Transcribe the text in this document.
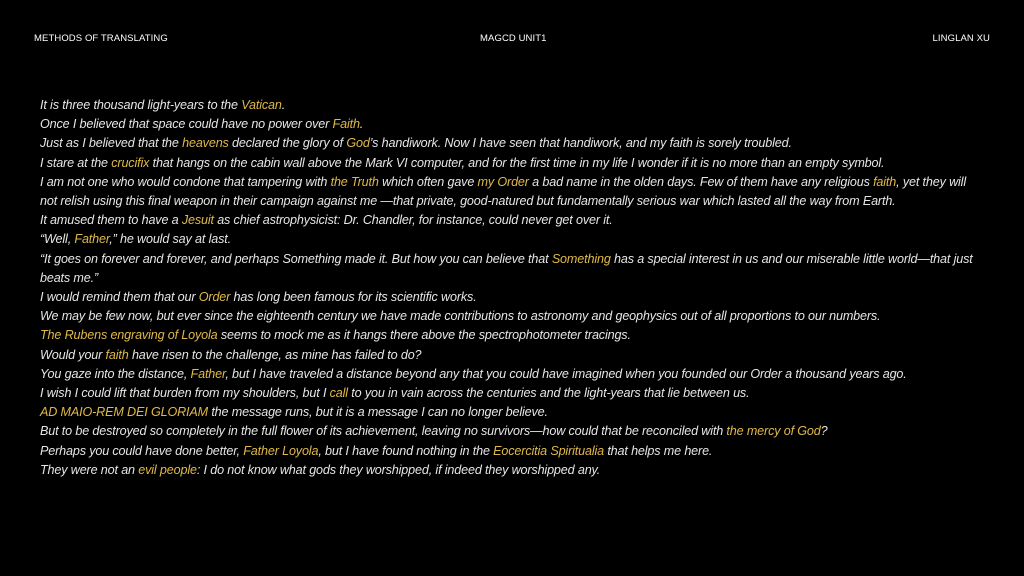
METHODS OF TRANSLATING	MAGCD UNIT1	LINGLAN XU
It is three thousand light-years to the Vatican.
Once I believed that space could have no power over Faith.
Just as I believed that the heavens declared the glory of God’s handiwork. Now I have seen that handiwork, and my faith is sorely troubled.
I stare at the crucifix that hangs on the cabin wall above the Mark VI computer, and for the first time in my life I wonder if it is no more than an empty symbol.
I am not one who would condone that tampering with the Truth which often gave my Order a bad name in the olden days. Few of them have any religious faith, yet they will not relish using this final weapon in their campaign against me —that private, good-natured but fundamentally serious war which lasted all the way from Earth.
It amused them to have a Jesuit as chief astrophysicist: Dr. Chandler, for instance, could never get over it.
“Well, Father,” he would say at last.
“It goes on forever and forever, and perhaps Something made it. But how you can believe that Something has a special interest in us and our miserable little world—that just beats me.”
I would remind them that our Order has long been famous for its scientific works.
We may be few now, but ever since the eighteenth century we have made contributions to astronomy and geophysics out of all proportions to our numbers.
The Rubens engraving of Loyola seems to mock me as it hangs there above the spectrophotometer tracings.
Would your faith have risen to the challenge, as mine has failed to do?
You gaze into the distance, Father, but I have traveled a distance beyond any that you could have imagined when you founded our Order a thousand years ago.
I wish I could lift that burden from my shoulders, but I call to you in vain across the centuries and the light-years that lie between us.
AD MAIO-REM DEI GLORIAM the message runs, but it is a message I can no longer believe.
But to be destroyed so completely in the full flower of its achievement, leaving no survivors—how could that be reconciled with the mercy of God?
Perhaps you could have done better, Father Loyola, but I have found nothing in the Eocercitia Spiritualia that helps me here.
They were not an evil people: I do not know what gods they worshipped, if indeed they worshipped any.
